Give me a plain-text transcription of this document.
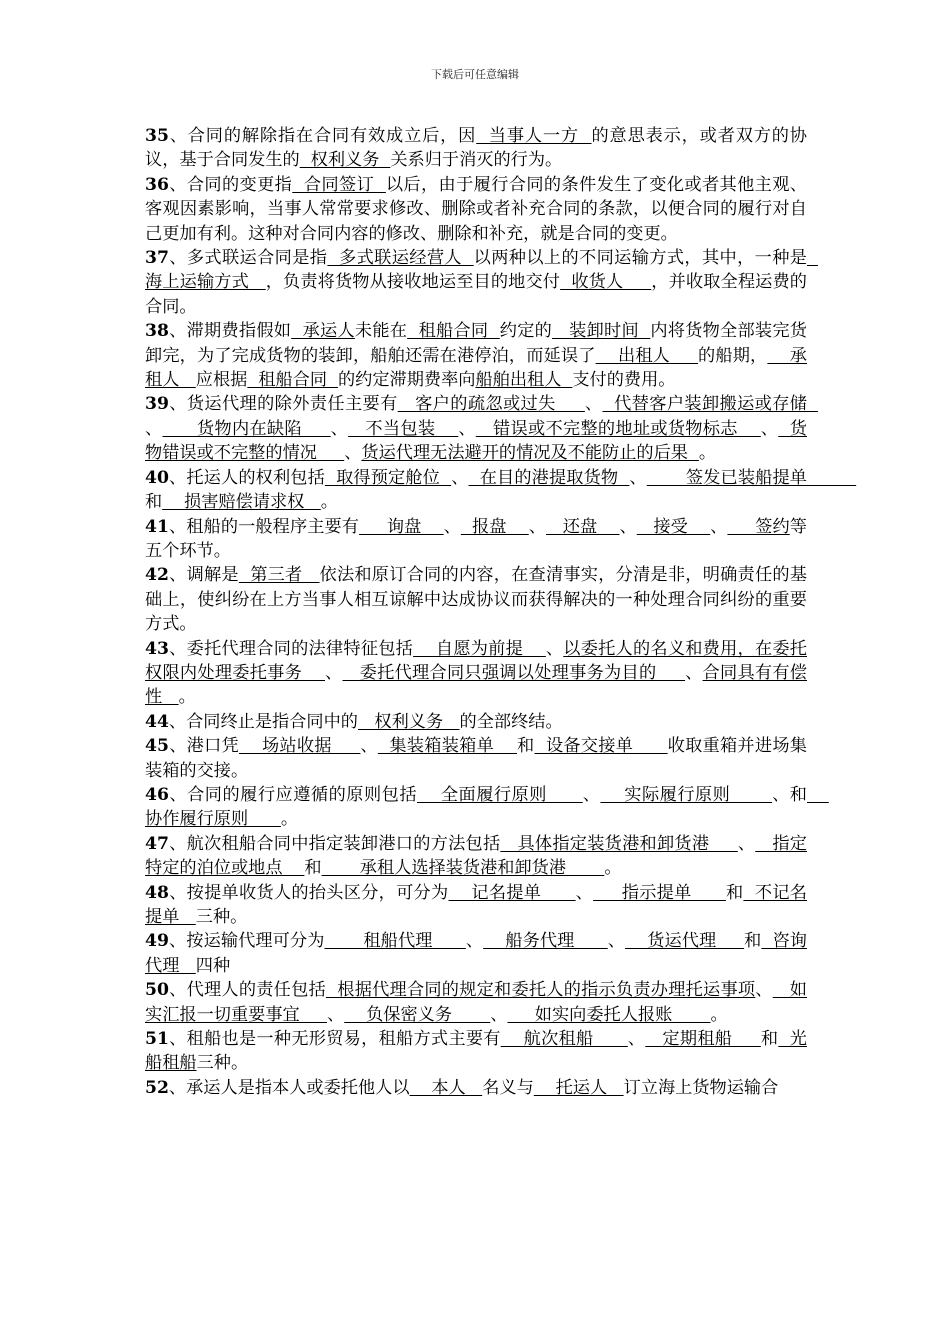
下载后可任意编辑

35、合同的解除指在合同有效成立后，因  当事人一方  的意思表示，或者双方的协议，基于合同发生的  权利义务  关系归于消灭的行为。

36、合同的变更指  合同签订  以后，由于履行合同的条件发生了变化或者其他主观、客观因素影响，当事人常常要求修改、删除或者补充合同的条款，以便合同的履行对自己更加有利。这种对合同内容的修改、删除和补充，就是合同的变更。

37、多式联运合同是指  多式联运经营人  以两种以上的不同运输方式，其中，一种是  海上运输方式   ，负责将货物从接收地运至目的地交付  收货人     ，并收取全程运费的合同。

38、滞期费指假如  承运人未能在  租船合同  约定的   装卸时间  内将货物全部装完货卸完，为了完成货物的装卸，船舶还需在港停泊，而延误了    出租人     的船期，    承租人   应根据  租船合同  的约定滞期费率向船舶出租人  支付的费用。

39、货运代理的除外责任主要有   客户的疏忽或过失     、  代替客户装卸搬运或存储  、      货物内在缺陷     、   不当包装    、   错误或不完整的地址或货物标志    、  货物错误或不完整的情况     、货运代理无法避开的情况及不能防止的后果  。

40、托运人的权利包括  取得预定舱位  、  在目的港提取货物  、       签发已装船提单         和    损害赔偿请求权   。

41、租船的一般程序主要有     询盘    、  报盘    、   还盘    、   接受    、     签约等五个环节。

42、调解是  第三者   依法和原订合同的内容，在查清事实，分清是非，明确责任的基础上，使纠纷在上方当事人相互谅解中达成协议而获得解决的一种处理合同纠纷的重要方式。

43、委托代理合同的法律特征包括    自愿为前提    、以委托人的名义和费用，在委托权限内处理委托事务    、   委托代理合同只强调以处理事务为目的     、合同具有有偿性   。

44、合同终止是指合同中的   权利义务   的全部终结。

45、港口凭    场站收据     、  集装箱装箱单    和  设备交接单      收取重箱并进场集装箱的交接。

46、合同的履行应遵循的原则包括    全面履行原则      、    实际履行原则       、和    协作履行原则      。

47、航次租船合同中指定装卸港口的方法包括   具体指定装货港和卸货港     、   指定特定的泊位或地点    和       承租人选择装货港和卸货港       。

48、按提单收货人的抬头区分，可分为    记名提单      、     指示提单      和  不记名提单   三种。

49、按运输代理可分为       租船代理      、    船务代理      、    货运代理     和  咨询代理   四种

50、代理人的责任包括  根据代理合同的规定和委托人的指示负责办理托运事项、   如实汇报一切重要事宜     、    负保密义务       、     如实向委托人报账       。

51、租船也是一种无形贸易，租船方式主要有    航次租船      、   定期租船     和  光船租船三种。

52、承运人是指本人或委托他人以    本人   名义与    托运人   订立海上货物运输合
